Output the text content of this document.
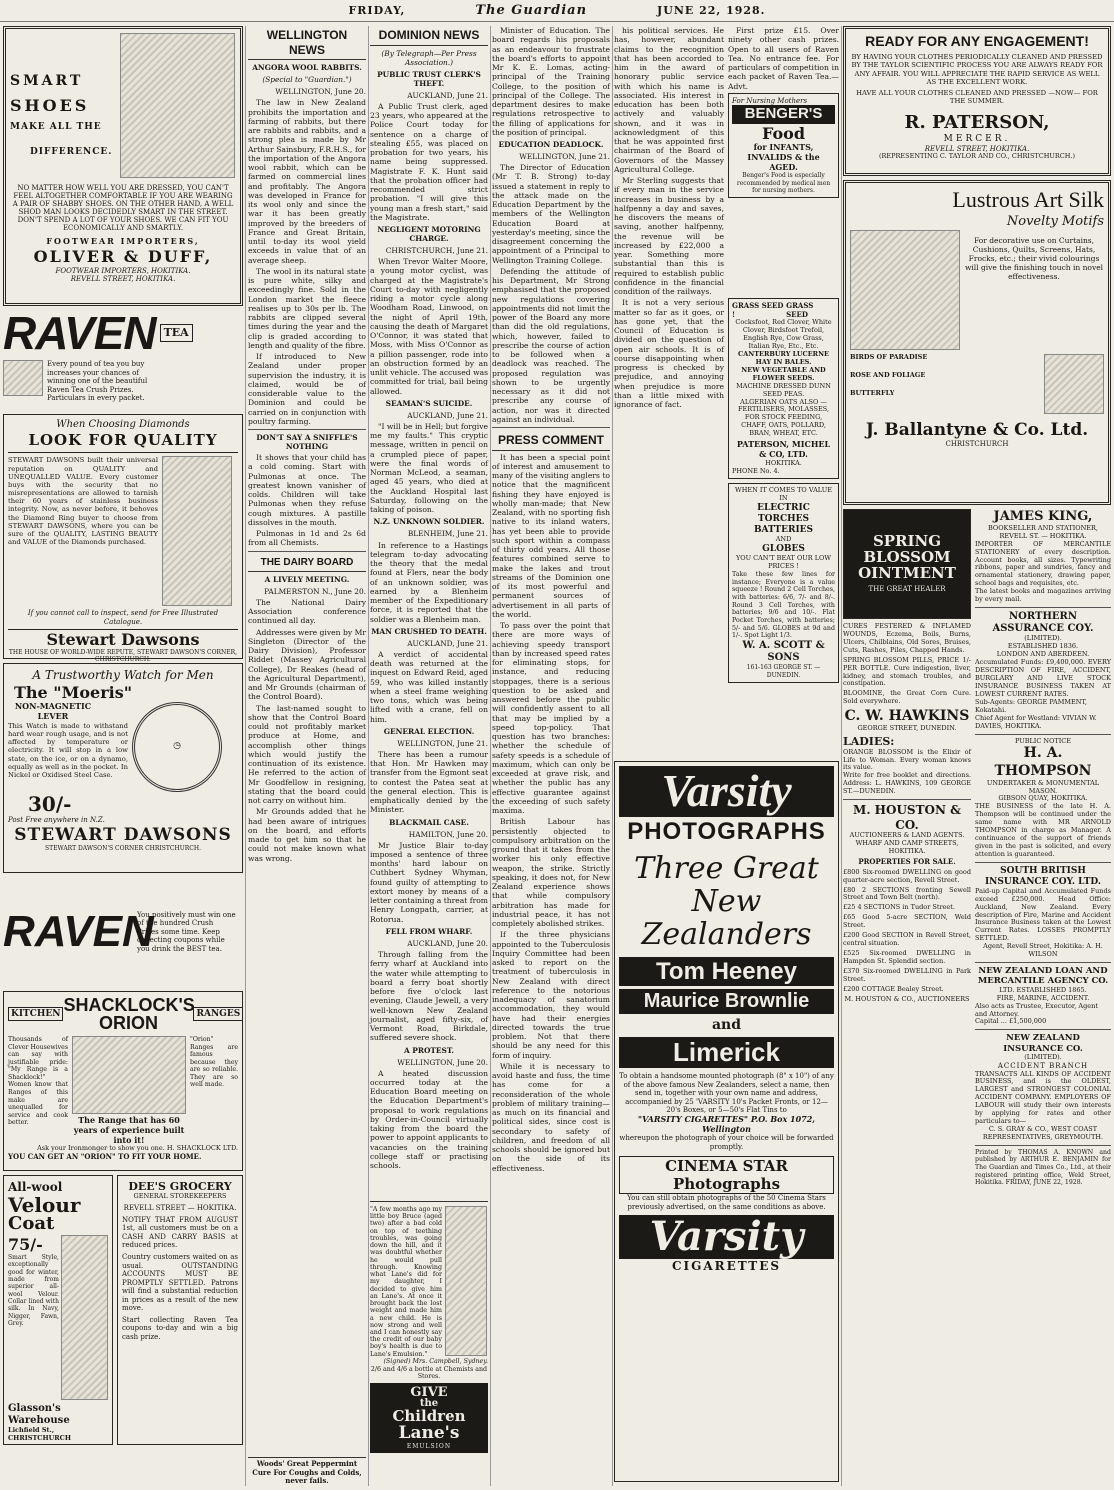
FRIDAY,	The Guardian	JUNE 22, 1928.
SMART
SHOES
MAKE ALL THE
DIFFERENCE.
NO MATTER HOW WELL YOU ARE DRESSED, YOU CAN'T FEEL ALTOGETHER COMFORTABLE IF YOU ARE WEARING A PAIR OF SHABBY SHOES. ON THE OTHER HAND, A WELL SHOD MAN LOOKS DECIDEDLY SMART IN THE STREET. DON'T SPEND A LOT OF YOUR SHOES. WE CAN FIT YOU ECONOMICALLY AND SMARTLY.
FOOTWEAR IMPORTERS,
OLIVER & DUFF,
FOOTWEAR IMPORTERS, HOKITIKA.
REVELL STREET, HOKITIKA.
RAVEN TEA
Every pound of tea you buy increases your chances of winning one of the beautiful Raven Tea Crush Prizes. Particulars in every packet.
When Choosing Diamonds
LOOK FOR QUALITY
STEWART DAWSONS built their universal reputation on QUALITY and UNEQUALLED VALUE. Every customer buys with the security that no misrepresentations are allowed to tarnish their 60 years of stainless business integrity. Now, as never before, it behoves the Diamond Ring buyer to choose from STEWART DAWSONS, where you can be sure of the QUALITY, LASTING BEAUTY and VALUE of the Diamonds purchased.
If you cannot call to inspect, send for Free Illustrated Catalogue.
Stewart Dawsons
THE HOUSE OF WORLD-WIDE REPUTE, STEWART DAWSON'S CORNER, CHRISTCHURCH.
A Trustworthy Watch for Men
The "Moeris"
NON-MAGNETIC LEVER
This Watch is made to withstand hard wear rough usage, and is not affected by temperature or electricity. It will stop in a low state, on the ice, or on a dynamo, equally as well as in the pocket. In Nickel or Oxidised Steel Case.
◷
30/-
Post Free anywhere in N.Z.
STEWART DAWSONS
STEWART DAWSON'S CORNER CHRISTCHURCH.
RAVEN
You positively must win one of the hundred Crush Prizes some time. Keep collecting coupons while you drink the BEST tea.
KITCHEN SHACKLOCK'S ORION	RANGES
Thousands of Clever Housewives can say with justifiable pride: "My Range is a Shacklock!" Women know that Ranges of this make are unequalled for service and cook better.	The Range that has 60 years of experience built into it!
"Orion" Ranges are famous because they are so reliable. They are so well made.
Ask your Ironmonger to show you one. H. SHACKLOCK LTD.
YOU CAN GET AN "ORION" TO FIT YOUR HOME.
All-wool
Velour
Coat
75/-
Smart Style, exceptionally good for winter, made from superior all-wool Velour. Collar lined with silk. In Navy, Nigger, Fawn, Grey.
Glasson's Warehouse
Lichfield St., CHRISTCHURCH
DEE'S GROCERY
GENERAL STOREKEEPERS
REVELL STREET — HOKITIKA.
NOTIFY THAT FROM AUGUST 1st, all customers must be on a CASH AND CARRY BASIS at reduced prices.
Country customers waited on as usual. OUTSTANDING ACCOUNTS MUST BE PROMPTLY SETTLED. Patrons will find a substantial reduction in prices as a result of the new move.
Start collecting Raven Tea coupons to-day and win a big cash prize.
WELLINGTON NEWS
ANGORA WOOL RABBITS.
(Special to "Guardian.")
WELLINGTON, June 20.
The law in New Zealand prohibits the importation and farming of rabbits, but there are rabbits and rabbits, and a strong plea is made by Mr Arthur Sainsbury, F.R.H.S., for the importation of the Angora wool rabbit, which can be farmed on commercial lines and profitably. The Angora was developed in France for its wool only and since the war it has been greatly improved by the breeders of France and Great Britain, until to-day its wool yield exceeds in value that of an average sheep.
The wool in its natural state is pure white, silky and exceedingly fine. Sold in the London market the fleece realises up to 30s per lb. The rabbits are clipped several times during the year and the clip is graded according to length and quality of the fibre.
If introduced to New Zealand under proper supervision the industry, it is claimed, would be of considerable value to the Dominion and could be carried on in conjunction with poultry farming.
DON'T SAY A SNIFFLE'S NOTHING
It shows that your child has a cold coming. Start with Pulmonas at once. The greatest known vanisher of colds. Children will take Pulmonas when they refuse cough mixtures. A pastille dissolves in the mouth.
Pulmonas in 1d and 2s 6d from all Chemists.
THE DAIRY BOARD
A LIVELY MEETING.
PALMERSTON N., June 20.
The National Dairy Association conference continued all day.
Addresses were given by Mr Singleton (Director of the Dairy Division), Professor Riddet (Massey Agricultural College), Dr Reakes (head of the Agricultural Department), and Mr Grounds (chairman of the Control Board).
The last-named sought to show that the Control Board could not profitably market produce at Home, and accomplish other things which would justify the continuation of its existence. He referred to the action of Mr Goodfellow in resigning, stating that the board could not carry on without him.
Mr Grounds added that he had been aware of intrigues on the board, and efforts made to get him so that he could not make known what was wrong.
Woods' Great Peppermint Cure For Coughs and Colds, never fails.
DOMINION NEWS
(By Telegraph—Per Press Association.)
PUBLIC TRUST CLERK'S THEFT.
AUCKLAND, June 21.
A Public Trust clerk, aged 23 years, who appeared at the Police Court today for sentence on a charge of stealing £55, was placed on probation for two years, his name being suppressed. Magistrate F. K. Hunt said that the probation officer had recommended strict probation. "I will give this young man a fresh start," said the Magistrate.
NEGLIGENT MOTORING CHARGE.
CHRISTCHURCH, June 21.
When Trevor Walter Moore, a young motor cyclist, was charged at the Magistrate's Court to-day with negligently riding a motor cycle along Woodham Road, Linwood, on the night of April 19th, causing the death of Margaret O'Connor, it was stated that Moss, with Miss O'Connor as a pillion passenger, rode into an obstruction formed by an unlit vehicle. The accused was committed for trial, bail being allowed.
SEAMAN'S SUICIDE.
AUCKLAND, June 21.
"I will be in Hell; but forgive me my faults." This cryptic message, written in pencil on a crumpled piece of paper, were the final words of Norman McLeod, a seaman, aged 45 years, who died at the Auckland Hospital last Saturday, following on the taking of poison.
N.Z. UNKNOWN SOLDIER.
BLENHEIM, June 21.
In reference to a Hastings telegram to-day advocating the theory that the medal found at Flers, near the body of an unknown soldier, was earned by a Blenheim member of the Expeditionary force, it is reported that the soldier was a Blenheim man.
MAN CRUSHED TO DEATH.
AUCKLAND, June 21.
A verdict of accidental death was returned at the inquest on Edward Reid, aged 59, who was killed instantly when a steel frame weighing two tons, which was being lifted with a crane, fell on him.
GENERAL ELECTION.
WELLINGTON, June 21.
There has been a rumour that Hon. Mr Hawken may transfer from the Egmont seat to contest the Patea seat at the general election. This is emphatically denied by the Minister.
BLACKMAIL CASE.
HAMILTON, June 20.
Mr Justice Blair to-day imposed a sentence of three months' hard labour on Cuthbert Sydney Whyman, found guilty of attempting to extort money by means of a letter containing a threat from Henry Longpath, carrier, at Rotorua.
FELL FROM WHARF.
AUCKLAND, June 20.
Through falling from the ferry wharf at Auckland into the water while attempting to board a ferry boat shortly before five o'clock last evening, Claude Jewell, a very well-known New Zealand journalist, aged fifty-six, of Vermont Road, Birkdale, suffered severe shock.
A PROTEST.
WELLINGTON, June 20.
A heated discussion occurred today at the Education Board meeting on the Education Department's proposal to work regulations by Order-in-Council virtually taking from the board the power to appoint applicants to vacancies on the training college staff or practising schools.
"A few months ago my little boy Bruce (aged two) after a bad cold on top of teething troubles, was going down the hill, and it was doubtful whether he would pull through. Knowing what Lane's did for my daughter, I decided to give him an Lane's. At once it brought back the lost weight and made him a new child. He is now strong and well and I can honestly say the credit of our baby boy's health is due to Lane's Emulsion."
(Signed) Mrs. Campbell, Sydney.
2/6 and 4/6 a bottle at Chemists and Stores.
GIVE
the
Children
Lane's
EMULSION
Minister of Education. The board regards his proposals as an endeavour to frustrate the board's efforts to appoint Mr K. E. Lomas, acting-principal of the Training College, to the position of principal of the College. The department desires to make regulations retrospective to the filling of applications for the position of principal.
EDUCATION DEADLOCK.
WELLINGTON, June 21.
The Director of Education (Mr T. B. Strong) to-day issued a statement in reply to the attack made on the Education Department by the members of the Wellington Education Board at yesterday's meeting, since the disagreement concerning the appointment of a Principal to Wellington Training College.
Defending the attitude of his Department, Mr Strong emphasised that the proposed new regulations covering appointments did not limit the power of the Board any more than did the old regulations, which, however, failed to prescribe the course of action to be followed when a deadlock was reached. The proposed regulation was shown to be urgently necessary as it did not prescribe any course of action, nor was it directed against an individual.
PRESS COMMENT
It has been a special point of interest and amusement to many of the visiting anglers to notice that the magnificent fishing they have enjoyed is wholly man-made; that New Zealand, with no sporting fish native to its inland waters, has yet been able to provide such sport within a compass of thirty odd years. All those features combined serve to make the lakes and trout streams of the Dominion one of its most powerful and permanent sources of advertisement in all parts of the world.
To pass over the point that there are more ways of achieving speedy transport than by increased speed rates for eliminating stops, for instance, and reducing stoppages, there is a serious question to be asked and answered before the public will confidently assent to all that may be implied by a speed top-policy. That question has two branches: whether the schedule of safety speeds is a schedule of maximum, which can only be exceeded at grave risk, and whether the public has any effective guarantee against the exceeding of such safety maxima.
British Labour has persistently objected to compulsory arbitration on the ground that it takes from the worker his only effective weapon, the strike. Strictly speaking, it does not, for New Zealand experience shows that while compulsory arbitration has made for industrial peace, it has not completely abolished strikes.
If the three physicians appointed to the Tuberculosis Inquiry Committee had been asked to report on the treatment of tuberculosis in New Zealand with direct reference to the notorious inadequacy of sanatorium accommodation, they would have had their energies directed towards the true problem. Not that there should be any need for this form of inquiry.
While it is necessary to avoid haste and fuss, the time has come for a reconsideration of the whole problem of military training—as much on its financial and political sides, since cost is secondary to safety of children, and freedom of all schools should be ignored but on the side of its effectiveness.
his political services. He has, however, abundant claims to the recognition that has been accorded to him in the award of honorary public service with which his name is associated. His interest in education has been both actively and valuably shown, and it was in acknowledgment of this that he was appointed first chairman of the Board of Governors of the Massey Agricultural College.
Mr Sterling suggests that if every man in the service increases in business by a halfpenny a day and saves, he discovers the means of saving, another halfpenny, the revenue will be increased by £22,000 a year. Something more substantial than this is required to establish public confidence in the financial condition of the railways.
First prize £15. Over ninety other cash prizes. Open to all users of Raven Tea. No entrance fee. For particulars of competition in each packet of Raven Tea.—Advt.
For Nursing Mothers
BENGER'S
Food
for INFANTS, INVALIDS & the AGED.
Benger's Food is especially recommended by medical men for nursing mothers.
It is not a very serious matter so far as it goes, or has gone yet, that the Council of Education is divided on the question of open air schools. It is of course disappointing when progress is checked by prejudice, and annoying when prejudice is more than a little mixed with ignorance of fact.
GRASS SEED !
GRASS SEED
Cocksfoot, Red Clover, White Clover, Birdsfoot Trefoil, English Rye, Cow Grass, Italian Rye, Etc., Etc.
CANTERBURY LUCERNE HAY IN BALES.
NEW VEGETABLE AND FLOWER SEEDS.
MACHINE DRESSED DUNN SEED PEAS.
ALGERIAN OATS ALSO — FERTILISERS, MOLASSES, FOR STOCK FEEDING, CHAFF, OATS, POLLARD, BRAN, WHEAT, ETC.
PATERSON, MICHEL & CO, LTD.
HOKITIKA.
PHONE No. 4.
WHEN IT COMES TO VALUE IN
ELECTRIC TORCHES
BATTERIES
AND
GLOBES
YOU CAN'T BEAT OUR LOW PRICES !
Take these few lines for instance; Everyone is a value squeeze ! Round 2 Cell Torches, with batteries: 6/6, 7/- and 8/-. Round 3 Cell Torches, with batteries; 9/6 and 10/-. Flat Pocket Torches, with batteries; 5/- and 5/6. GLOBES at 9d and 1/-. Spot Light 1/3.
W. A. SCOTT & SONS
161-163 GEORGE ST. — DUNEDIN.
Varsity
PHOTOGRAPHS
Three Great New Zealanders
Tom Heeney
Maurice Brownlie
and
Limerick
To obtain a handsome mounted photograph (8" x 10") of any of the above famous New Zealanders, select a name, then send in, together with your own name and address, accompanied by 25 'VARSITY 10's Packet Fronts, or 12—20's Boxes, or 5—50's Flat Tins to
"VARSITY CIGARETTES" P.O. Box 1072, Wellington
whereupon the photograph of your choice will be forwarded promptly.
CINEMA STAR Photographs
You can still obtain photographs of the 50 Cinema Stars previously advertised, on the same conditions as above.
Varsity
CIGARETTES
READY FOR ANY ENGAGEMENT!
BY HAVING YOUR CLOTHES PERIODICALLY CLEANED AND PRESSED BY THE TAYLOR SCIENTIFIC PROCESS YOU ARE ALWAYS READY FOR ANY AFFAIR. YOU WILL APPRECIATE THE RAPID SERVICE AS WELL AS THE EXCELLENT WORK.
HAVE ALL YOUR CLOTHES CLEANED AND PRESSED —NOW— FOR THE SUMMER.
R. PATERSON,
MERCER.
REVELL STREET, HOKITIKA.
(REPRESENTING C. TAYLOR AND CO., CHRISTCHURCH.)
Lustrous Art Silk
Novelty Motifs
For decorative use on Curtains, Cushions, Quilts, Screens, Hats, Frocks, etc.; their vivid colourings will give the finishing touch in novel effectiveness.
BIRDS OF PARADISE
ROSE AND FOLIAGE
BUTTERFLY
J. Ballantyne & Co. Ltd.
CHRISTCHURCH
SPRING BLOSSOM OINTMENT
THE GREAT HEALER
CURES FESTERED & INFLAMED WOUNDS, Eczema, Boils, Burns, Ulcers, Chilblains, Old Sores, Bruises, Cuts, Rashes, Piles, Chapped Hands.
SPRING BLOSSOM PILLS, PRICE 1/- PER BOTTLE. Cure indigestion, liver, kidney, and stomach troubles, and constipation.
BLOOMINE, the Great Corn Cure. Sold everywhere.
C. W. HAWKINS
GEORGE STREET, DUNEDIN.
LADIES:
ORANGE BLOSSOM is the Elixir of Life to Woman. Every woman knows its value.
Write for free booklet and directions. Address: L. HAWKINS, 109 GEORGE ST.—DUNEDIN.
M. HOUSTON & CO.
AUCTIONEERS & LAND AGENTS.
WHARF AND CAMP STREETS, HOKITIKA.
PROPERTIES FOR SALE.
£800 Six-roomed DWELLING on good quarter-acre section, Revell Street.
£80 2 SECTIONS fronting Sewell Street and Town Belt (north).
£25 4 SECTIONS in Tudor Street.
£65 Good 5-acre SECTION, Weld Street.
£200 Good SECTION in Revell Street, central situation.
£525 Six-roomed DWELLING in Hampden St. Splendid section.
£370 Six-roomed DWELLING in Park Street.
£200 COTTAGE Bealey Street.
M. HOUSTON & CO., AUCTIONEERS
JAMES KING,
BOOKSELLER AND STATIONER,
REVELL ST. — HOKITIKA.
IMPORTER OF MERCANTILE STATIONERY of every description. Account books, all sizes. Typewriting ribbons, paper and sundries, fancy and ornamental stationery, drawing paper, school bags and requisites, etc.
The latest books and magazines arriving by every mail.
NORTHERN ASSURANCE COY.
(LIMITED).
ESTABLISHED 1836.
LONDON AND ABERDEEN.
Accumulated Funds: £9,400,000. EVERY DESCRIPTION OF FIRE, ACCIDENT, BURGLARY AND LIVE STOCK INSURANCE BUSINESS TAKEN AT LOWEST CURRENT RATES.
Sub-Agents: GEORGE PAMMENT, Kokatahi.
Chief Agent for Westland: VIVIAN W. DAVIES, HOKITIKA.
PUBLIC NOTICE
H. A. THOMPSON
UNDERTAKER & MONUMENTAL MASON.
GIBSON QUAY, HOKITIKA.
THE BUSINESS of the late H. A. Thompson will be continued under the same name with MR ARNOLD THOMPSON in charge as Manager. A continuance of the support of friends given in the past is solicited, and every attention is guaranteed.
SOUTH BRITISH INSURANCE COY. LTD.
Paid-up Capital and Accumulated Funds exceed £250,000. Head Office: Auckland, New Zealand. Every description of Fire, Marine and Accident Insurance Business taken at the Lowest Current Rates. LOSSES PROMPTLY SETTLED.
Agent, Revell Street, Hokitika: A. H. WILSON
NEW ZEALAND LOAN AND MERCANTILE AGENCY CO.
LTD. ESTABLISHED 1865.
FIRE, MARINE, ACCIDENT.
Also acts as Trustee, Executor, Agent and Attorney.
Capital ... £1,500,000
NEW ZEALAND INSURANCE CO.
(LIMITED).
ACCIDENT BRANCH
TRANSACTS ALL KINDS OF ACCIDENT BUSINESS, and is the OLDEST, LARGEST and STRONGEST COLONIAL ACCIDENT COMPANY. EMPLOYERS OF LABOUR will study their own interests by applying for rates and other particulars to—
C. S. GRAY & CO., WEST COAST REPRESENTATIVES, GREYMOUTH.
Printed by THOMAS A. KNOWN and published by ARTHUR E. BENJAMIN for The Guardian and Times Co., Ltd., at their registered printing office, Weld Street, Hokitika. FRIDAY, JUNE 22, 1928.
